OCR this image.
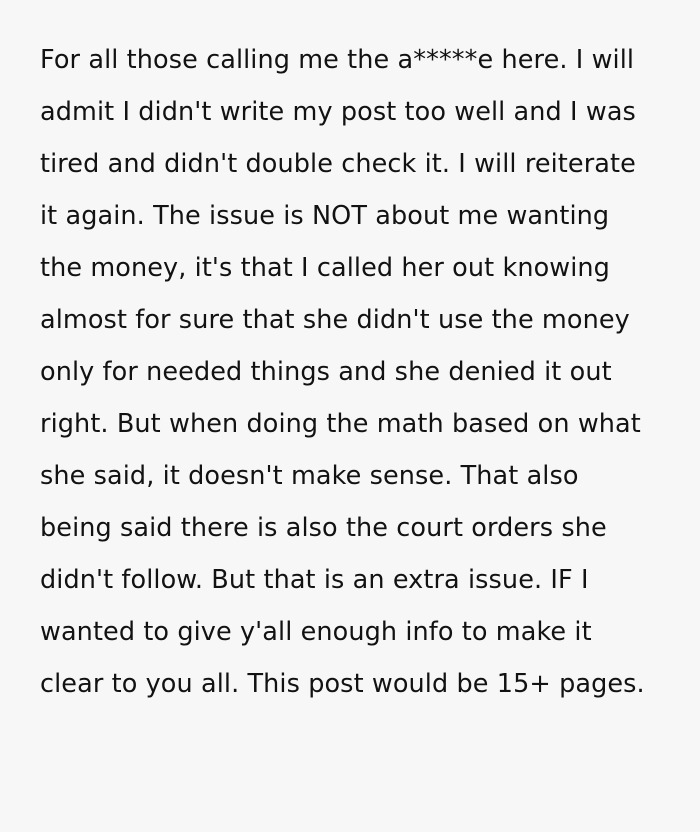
For all those calling me the a*****e here. I will admit I didn't write my post too well and I was tired and didn't double check it. I will reiterate it again. The issue is NOT about me wanting the money, it's that I called her out knowing almost for sure that she didn't use the money only for needed things and she denied it out right. But when doing the math based on what she said, it doesn't make sense. That also being said there is also the court orders she didn't follow. But that is an extra issue. IF I wanted to give y'all enough info to make it clear to you all. This post would be 15+ pages.
